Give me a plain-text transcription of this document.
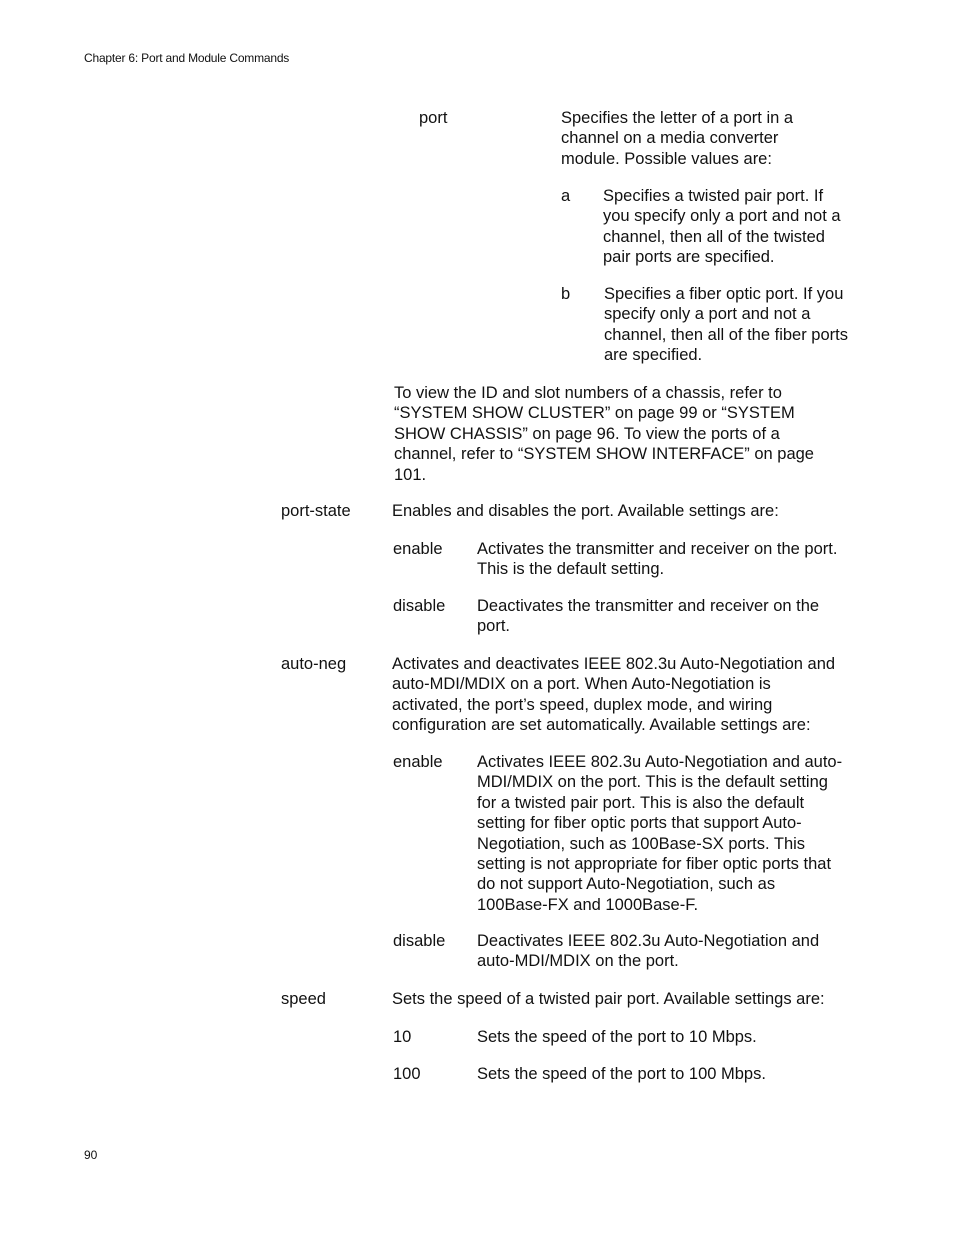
Chapter 6: Port and Module Commands
port	Specifies the letter of a port in a channel on a media converter module. Possible values are:
a Specifies a twisted pair port. If you specify only a port and not a channel, then all of the twisted pair ports are specified.
b Specifies a fiber optic port. If you specify only a port and not a channel, then all of the fiber ports are specified.
To view the ID and slot numbers of a chassis, refer to “SYSTEM SHOW CLUSTER” on page 99 or “SYSTEM SHOW CHASSIS” on page 96. To view the ports of a channel, refer to “SYSTEM SHOW INTERFACE” on page 101.
port-state	Enables and disables the port. Available settings are:
enable Activates the transmitter and receiver on the port. This is the default setting.
disable Deactivates the transmitter and receiver on the port.
auto-neg	Activates and deactivates IEEE 802.3u Auto-Negotiation and auto-MDI/MDIX on a port. When Auto-Negotiation is activated, the port’s speed, duplex mode, and wiring configuration are set automatically. Available settings are:
enable Activates IEEE 802.3u Auto-Negotiation and auto-MDI/MDIX on the port. This is the default setting for a twisted pair port. This is also the default setting for fiber optic ports that support Auto-Negotiation, such as 100Base-SX ports. This setting is not appropriate for fiber optic ports that do not support Auto-Negotiation, such as 100Base-FX and 1000Base-F.
disable Deactivates IEEE 802.3u Auto-Negotiation and auto-MDI/MDIX on the port.
speed	Sets the speed of a twisted pair port. Available settings are:
10	Sets the speed of the port to 10 Mbps.
100	Sets the speed of the port to 100 Mbps.
90
